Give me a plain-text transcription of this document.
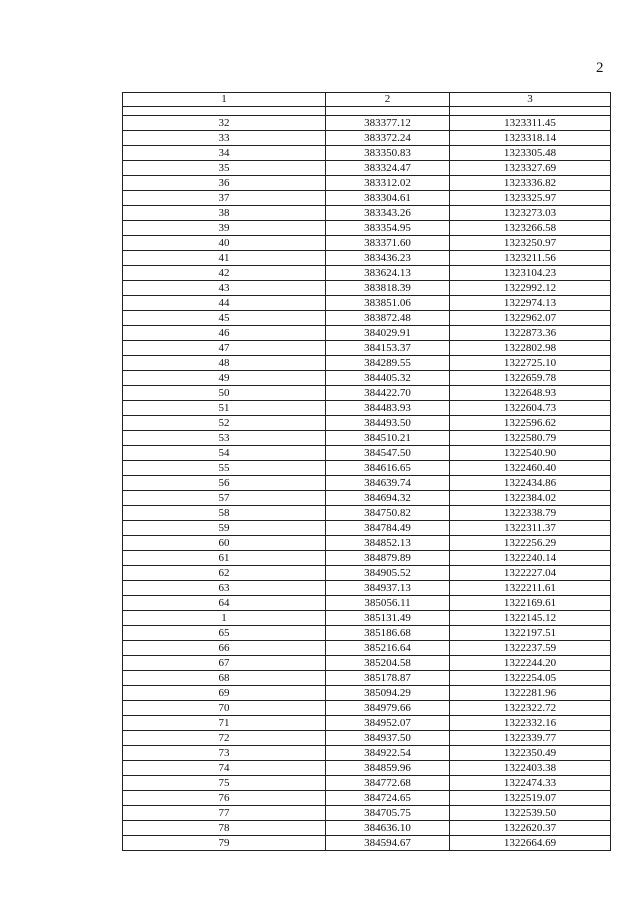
2
1	2	3

32	383377.12	1323311.45
33	383372.24	1323318.14
34	383350.83	1323305.48
35	383324.47	1323327.69
36	383312.02	1323336.82
37	383304.61	1323325.97
38	383343.26	1323273.03
39	383354.95	1323266.58
40	383371.60	1323250.97
41	383436.23	1323211.56
42	383624.13	1323104.23
43	383818.39	1322992.12
44	383851.06	1322974.13
45	383872.48	1322962.07
46	384029.91	1322873.36
47	384153.37	1322802.98
48	384289.55	1322725.10
49	384405.32	1322659.78
50	384422.70	1322648.93
51	384483.93	1322604.73
52	384493.50	1322596.62
53	384510.21	1322580.79
54	384547.50	1322540.90
55	384616.65	1322460.40
56	384639.74	1322434.86
57	384694.32	1322384.02
58	384750.82	1322338.79
59	384784.49	1322311.37
60	384852.13	1322256.29
61	384879.89	1322240.14
62	384905.52	1322227.04
63	384937.13	1322211.61
64	385056.11	1322169.61
1	385131.49	1322145.12
65	385186.68	1322197.51
66	385216.64	1322237.59
67	385204.58	1322244.20
68	385178.87	1322254.05
69	385094.29	1322281.96
70	384979.66	1322322.72
71	384952.07	1322332.16
72	384937.50	1322339.77
73	384922.54	1322350.49
74	384859.96	1322403.38
75	384772.68	1322474.33
76	384724.65	1322519.07
77	384705.75	1322539.50
78	384636.10	1322620.37
79	384594.67	1322664.69
